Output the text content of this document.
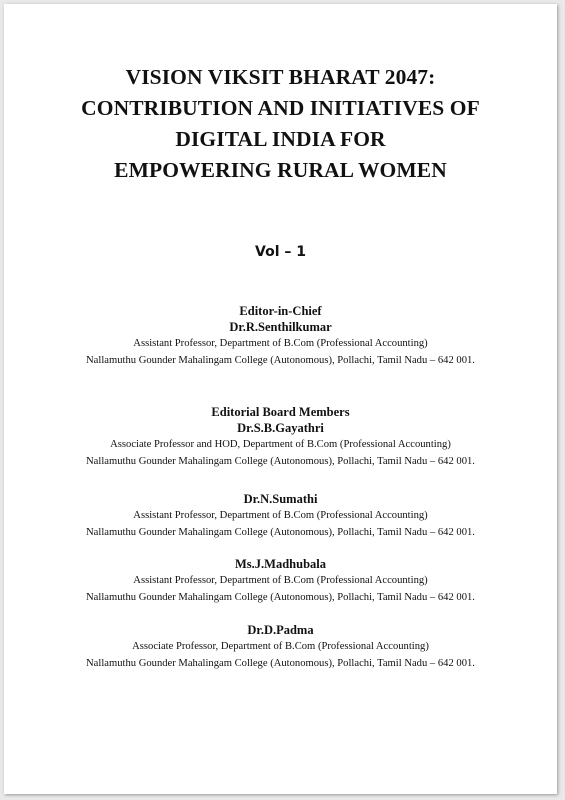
VISION VIKSIT BHARAT 2047:
CONTRIBUTION AND INITIATIVES OF
DIGITAL INDIA FOR
EMPOWERING RURAL WOMEN
Vol – 1
Editor-in-Chief
Dr.R.Senthilkumar
Assistant Professor, Department of B.Com (Professional Accounting)
Nallamuthu Gounder Mahalingam College (Autonomous), Pollachi, Tamil Nadu – 642 001.
Editorial Board Members
Dr.S.B.Gayathri
Associate Professor and HOD, Department of B.Com (Professional Accounting)
Nallamuthu Gounder Mahalingam College (Autonomous), Pollachi, Tamil Nadu – 642 001.
Dr.N.Sumathi
Assistant Professor, Department of B.Com (Professional Accounting)
Nallamuthu Gounder Mahalingam College (Autonomous), Pollachi, Tamil Nadu – 642 001.
Ms.J.Madhubala
Assistant Professor, Department of B.Com (Professional Accounting)
Nallamuthu Gounder Mahalingam College (Autonomous), Pollachi, Tamil Nadu – 642 001.
Dr.D.Padma
Associate Professor, Department of B.Com (Professional Accounting)
Nallamuthu Gounder Mahalingam College (Autonomous), Pollachi, Tamil Nadu – 642 001.
